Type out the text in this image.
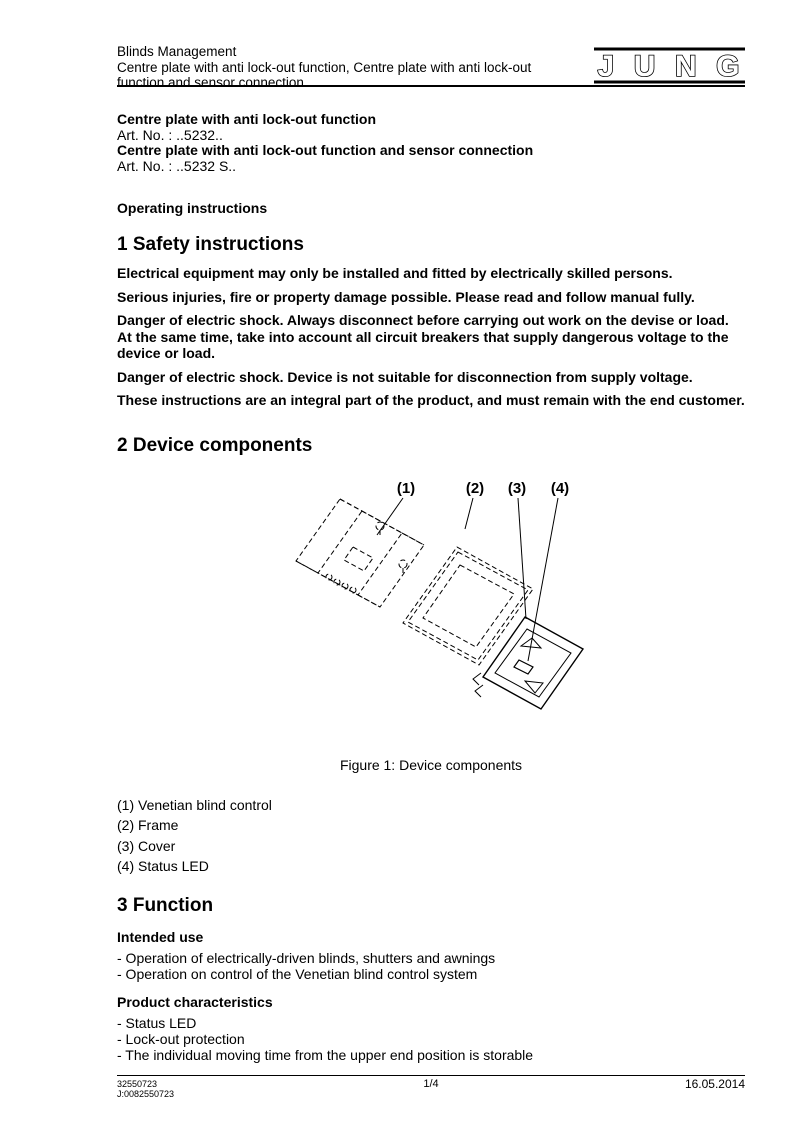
Blinds Management
Centre plate with anti lock-out function, Centre plate with anti lock-out
function and sensor connection	JUNG
Centre plate with anti lock-out function
Art. No. : ..5232..
Centre plate with anti lock-out function and sensor connection
Art. No. : ..5232 S..
Operating instructions
1 Safety instructions

Electrical equipment may only be installed and fitted by electrically skilled persons.

Serious injuries, fire or property damage possible. Please read and follow manual fully.

Danger of electric shock. Always disconnect before carrying out work on the devise or load. At the same time, take into account all circuit breakers that supply dangerous voltage to the device or load.

Danger of electric shock. Device is not suitable for disconnection from supply voltage.

These instructions are an integral part of the product, and must remain with the end customer.

2 Device components
(1)	(2) (3) (4)
Figure 1: Device components
(1) Venetian blind control
(2) Frame
(3) Cover
(4) Status LED
3 Function
Intended use
- Operation of electrically-driven blinds, shutters and awnings
- Operation on control of the Venetian blind control system
Product characteristics
- Status LED
- Lock-out protection
- The individual moving time from the upper end position is storable
32550723
J:0082550723
1/4	16.05.2014
